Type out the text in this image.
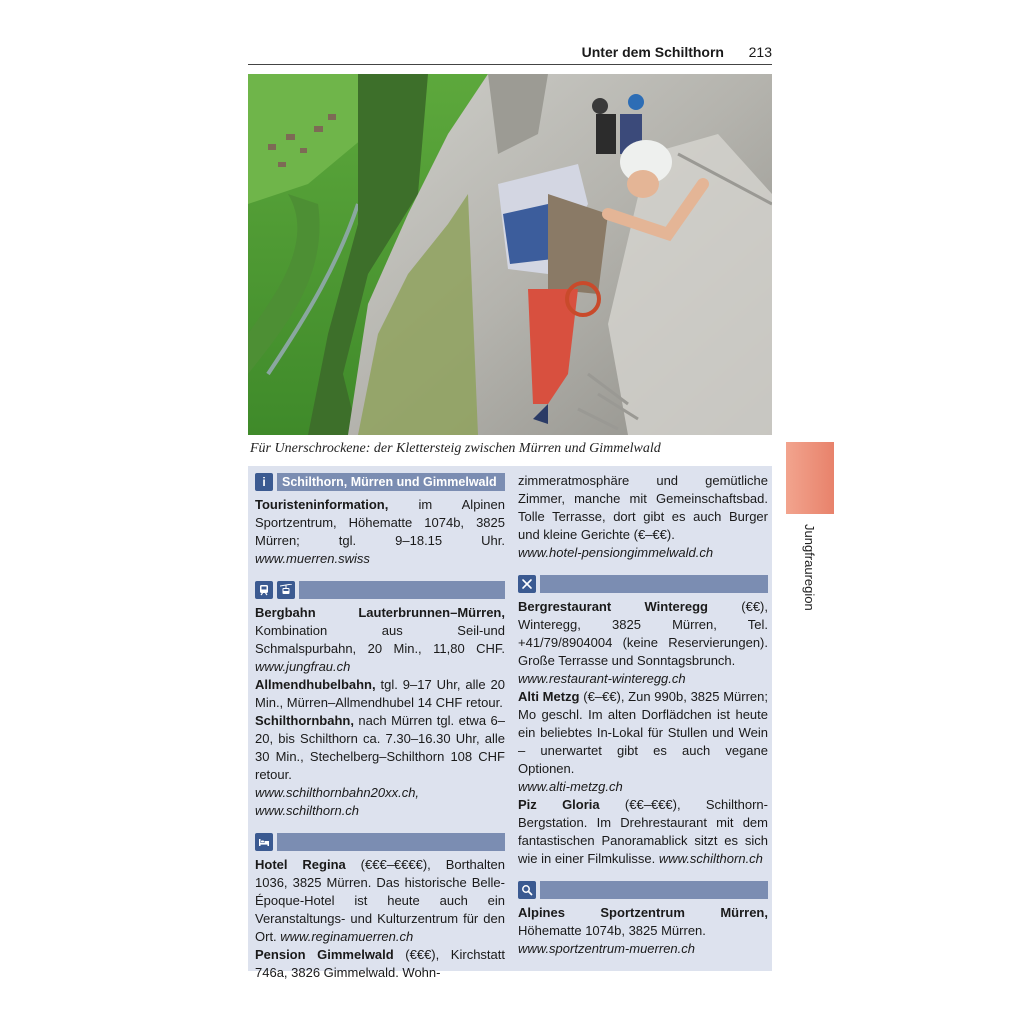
Unter dem Schilthorn 213
Für Unerschrockene: der Klettersteig zwischen Mürren und Gimmelwald
Jungfrauregion
i	Schilthorn, Mürren und Gimmelwald

Touristeninformation, im Alpinen Sportzentrum, Höhematte 1074b, 3825 Mürren; tgl. 9–18.15 Uhr. www.muerren.swiss

Bergbahn Lauterbrunnen–Mürren, Kombination aus Seil-und Schmalspurbahn, 20 Min., 11,80 CHF. www.jungfrau.ch

Allmendhubelbahn, tgl. 9–17 Uhr, alle 20 Min., Mürren–Allmendhubel 14 CHF retour.

Schilthornbahn, nach Mürren tgl. etwa 6–20, bis Schilthorn ca. 7.30–16.30 Uhr, alle 30 Min., Stechelberg–Schilthorn 108 CHF retour.

www.schilthornbahn20xx.ch,

www.schilthorn.ch

Hotel Regina (€€€–€€€€), Borthalten 1036, 3825 Mürren. Das historische Belle-Époque-Hotel ist heute auch ein Veranstaltungs- und Kulturzentrum für den Ort. www.reginamuerren.ch

Pension Gimmelwald (€€€), Kirchstatt 746a, 3826 Gimmelwald. Wohn-

zimmeratmosphäre und gemütliche Zimmer, manche mit Gemeinschaftsbad. Tolle Terrasse, dort gibt es auch Burger und kleine Gerichte (€–€€).

www.hotel-pensiongimmelwald.ch

Bergrestaurant Winteregg (€€), Winteregg, 3825 Mürren, Tel. +41/79/8904004 (keine Reservierungen). Große Terrasse und Sonntagsbrunch.

www.restaurant-winteregg.ch

Alti Metzg (€–€€), Zun 990b, 3825 Mürren; Mo geschl. Im alten Dorflädchen ist heute ein beliebtes In-Lokal für Stullen und Wein – unerwartet gibt es auch vegane Optionen.

www.alti-metzg.ch

Piz Gloria (€€–€€€), Schilthorn-Bergstation. Im Drehrestaurant mit dem fantastischen Panoramablick sitzt es sich wie in einer Filmkulisse. www.schilthorn.ch

Alpines Sportzentrum Mürren, Höhematte 1074b, 3825 Mürren.

www.sportzentrum-muerren.ch
